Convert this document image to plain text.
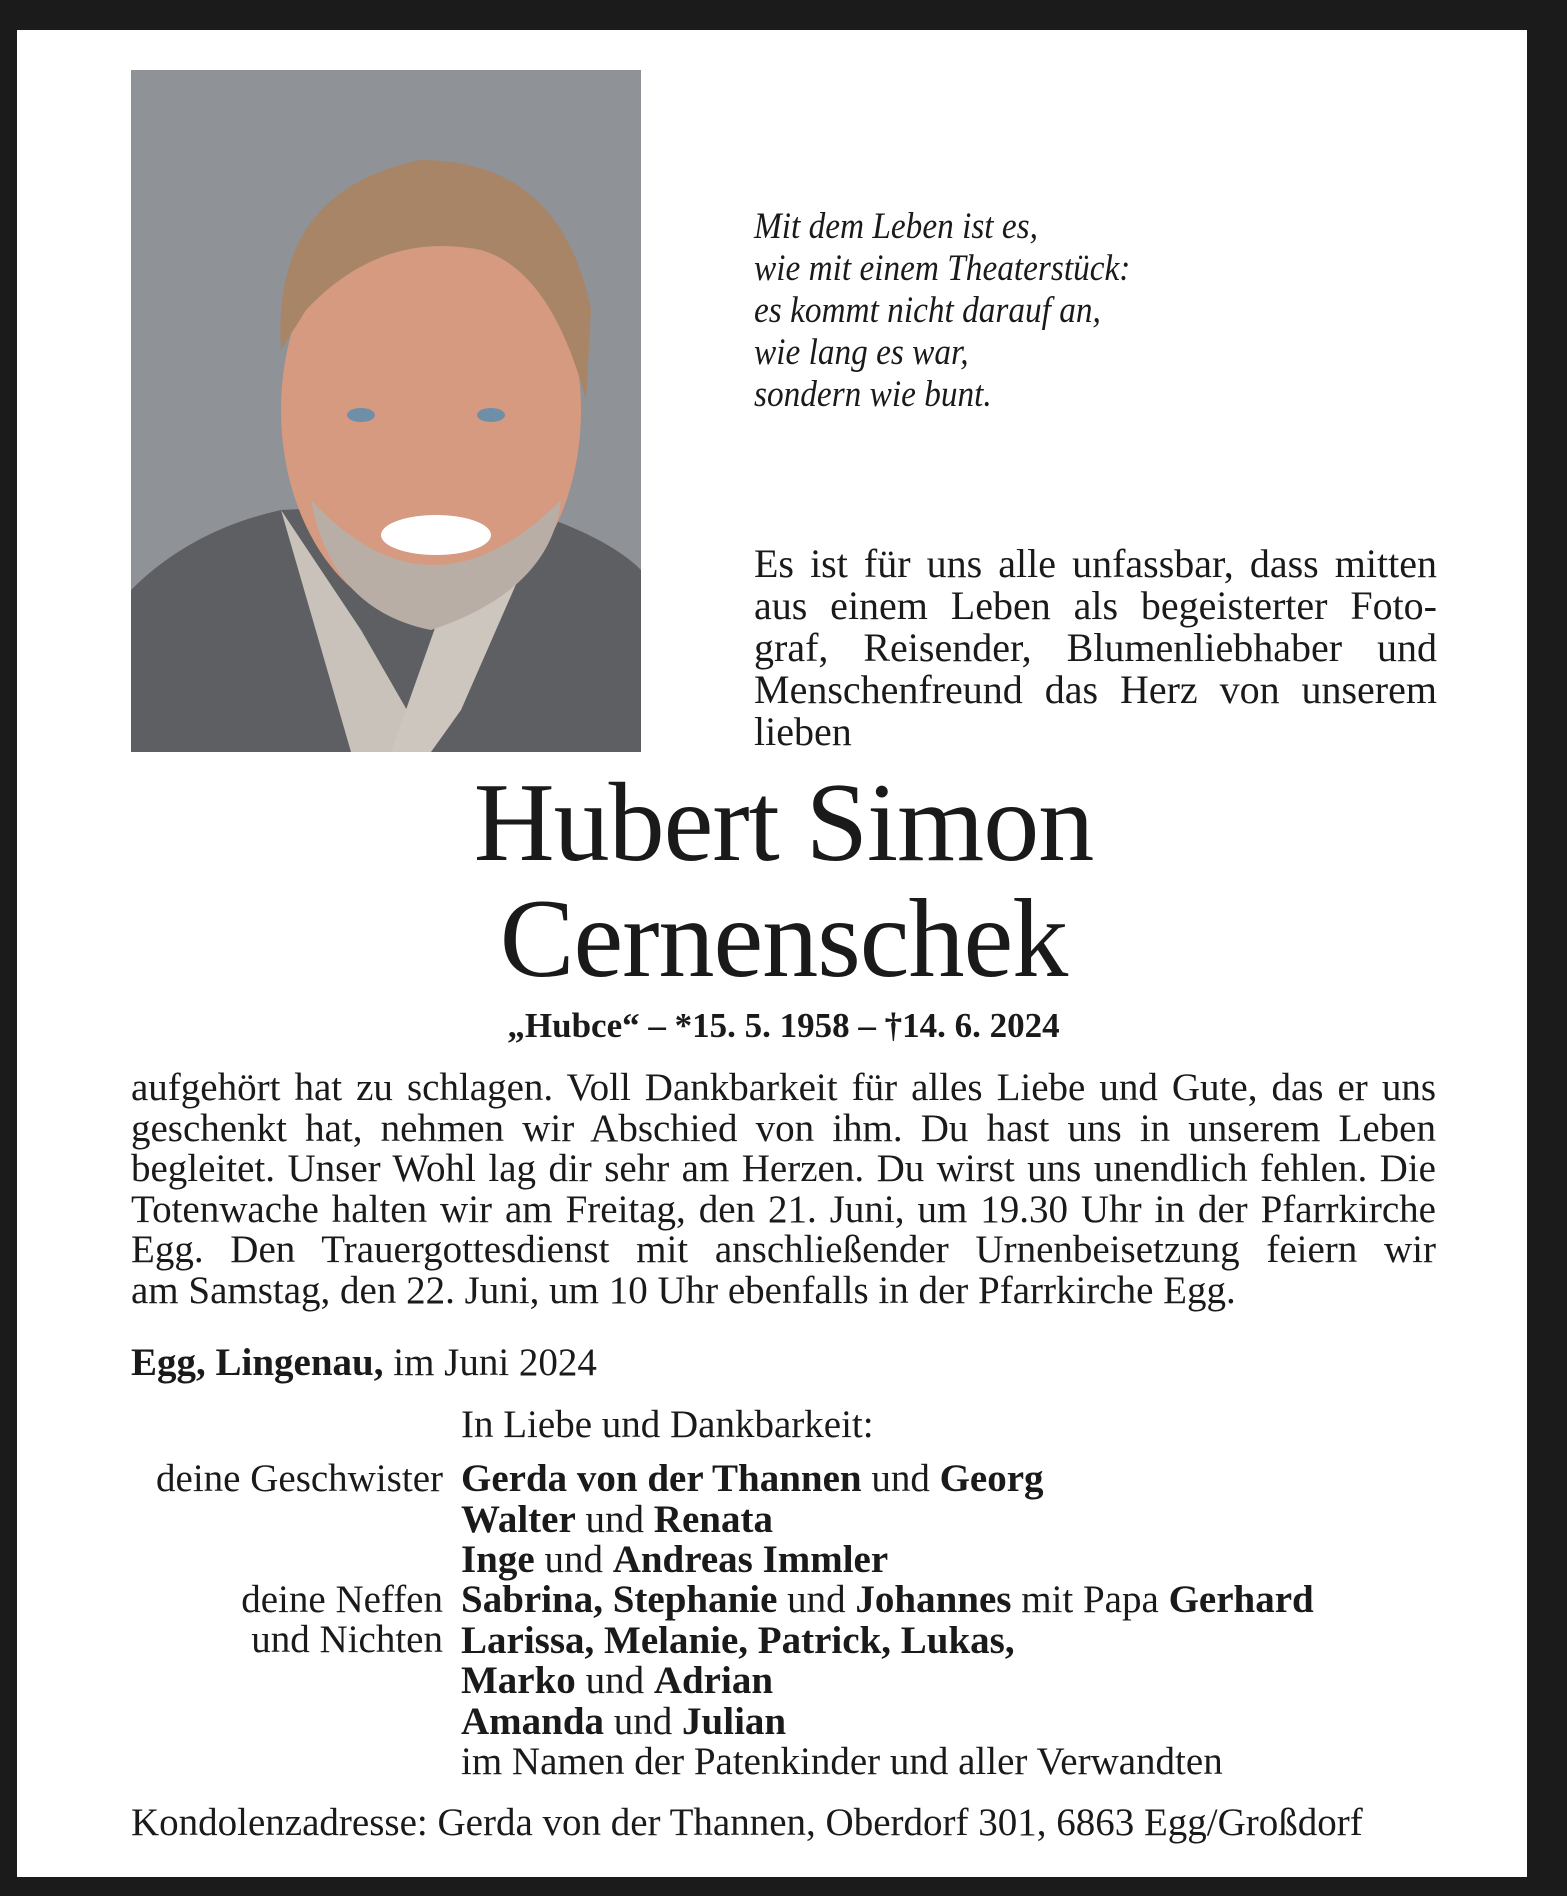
Mit dem Leben ist es,
wie mit einem Theaterstück:
es kommt nicht darauf an,
wie lang es war,
sondern wie bunt.
Es ist für uns alle unfassbar, dass mitten
aus einem Leben als begeisterter Foto-
graf, Reisender, Blumenliebhaber und
Menschenfreund das Herz von unserem
lieben
Hubert Simon
Cernenschek
„Hubce“ – *15. 5. 1958 – †14. 6. 2024
aufgehört hat zu schlagen. Voll Dankbarkeit für alles Liebe und Gute, das er uns
geschenkt hat, nehmen wir Abschied von ihm. Du hast uns in unserem Leben
begleitet. Unser Wohl lag dir sehr am Herzen. Du wirst uns unendlich fehlen. Die
Totenwache halten wir am Freitag, den 21. Juni, um 19.30 Uhr in der Pfarrkirche
Egg. Den Trauergottesdienst mit anschließender Urnenbeisetzung feiern wir
am Samstag, den 22. Juni, um 10 Uhr ebenfalls in der Pfarrkirche Egg.
Egg, Lingenau, im Juni 2024
In Liebe und Dankbarkeit:
deine Geschwister Gerda von der Thannen und Georg
Walter und Renata
Inge und Andreas Immler
deine Neffen
und Nichten
Sabrina, Stephanie und Johannes mit Papa Gerhard
Larissa, Melanie, Patrick, Lukas,
Marko und Adrian
Amanda und Julian
im Namen der Patenkinder und aller Verwandten
Kondolenzadresse: Gerda von der Thannen, Oberdorf 301, 6863 Egg/Großdorf
